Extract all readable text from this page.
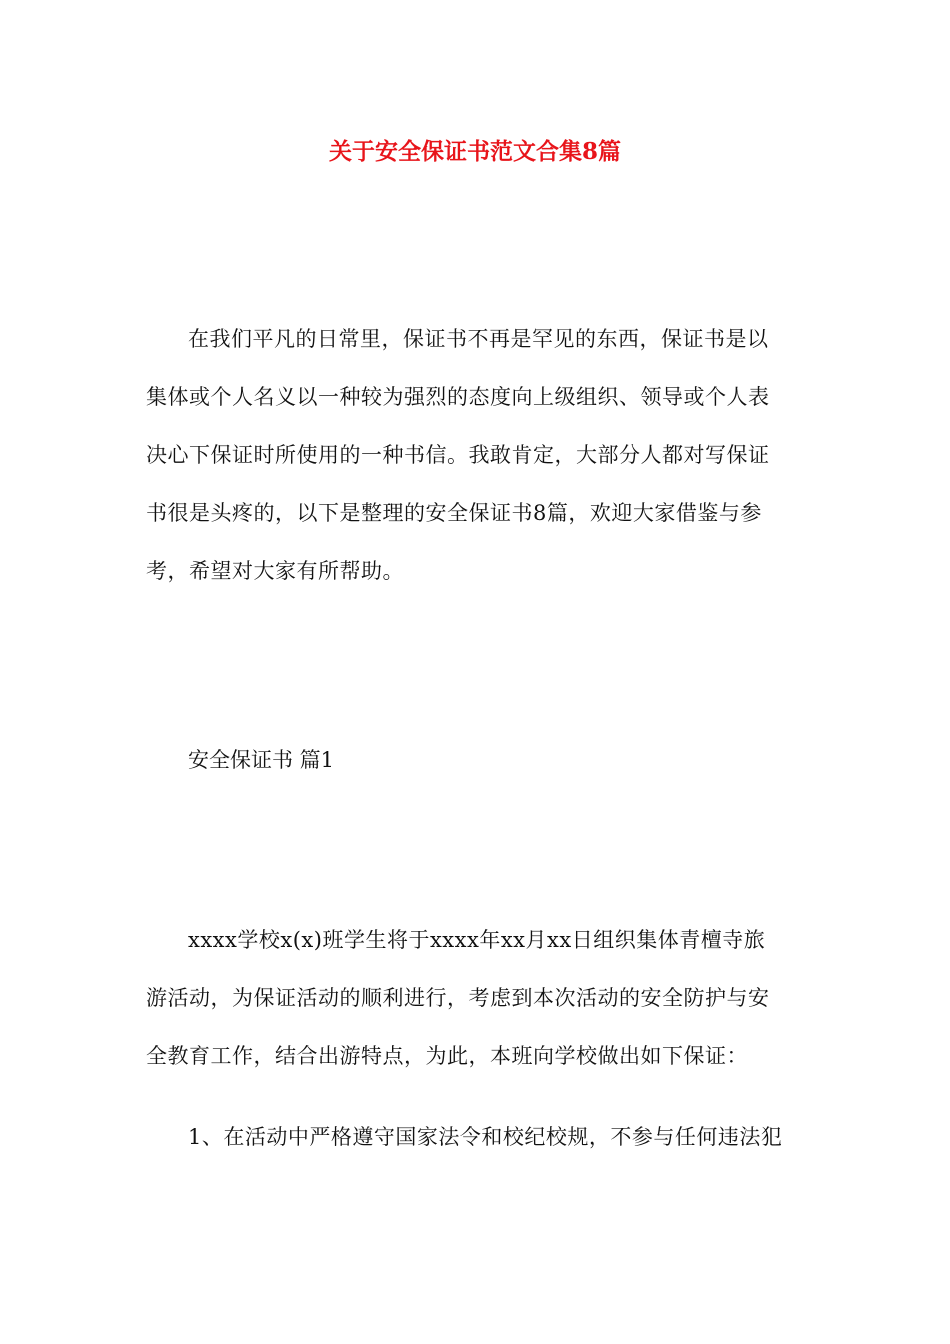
关于安全保证书范文合集8篇
在我们平凡的日常里，保证书不再是罕见的东西，保证书是以
集体或个人名义以一种较为强烈的态度向上级组织、领导或个人表
决心下保证时所使用的一种书信。我敢肯定，大部分人都对写保证
书很是头疼的，以下是整理的安全保证书8篇，欢迎大家借鉴与参
考，希望对大家有所帮助。
安全保证书 篇1
xxxx学校x(x)班学生将于xxxx年xx月xx日组织集体青檀寺旅
游活动，为保证活动的顺利进行，考虑到本次活动的安全防护与安
全教育工作，结合出游特点，为此，本班向学校做出如下保证：
1、在活动中严格遵守国家法令和校纪校规，不参与任何违法犯
